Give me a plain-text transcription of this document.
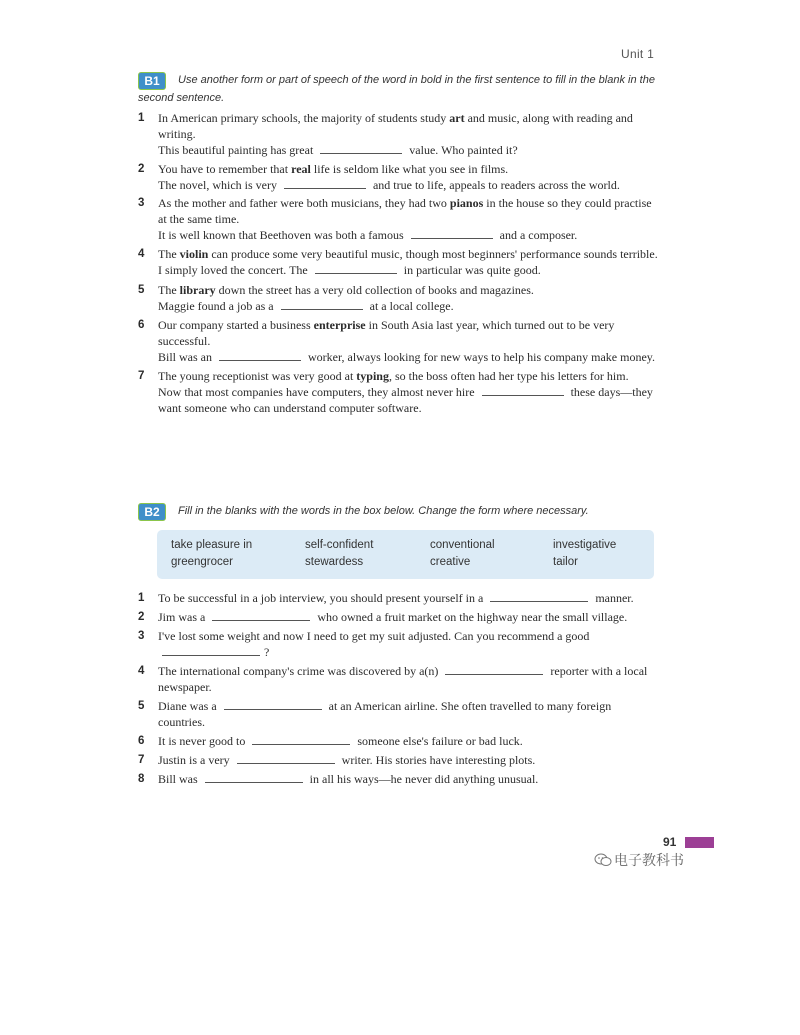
Unit 1
B1 Use another form or part of speech of the word in bold in the first sentence to fill in the blank in the second sentence.
1 In American primary schools, the majority of students study art and music, along with reading and writing.
This beautiful painting has great	value. Who painted it?
2 You have to remember that real life is seldom like what you see in films.
The novel, which is very	and true to life, appeals to readers across the world.
3 As the mother and father were both musicians, they had two pianos in the house so they could practise at the same time.
It is well known that Beethoven was both a famous	and a composer.
4 The violin can produce some very beautiful music, though most beginners' performance sounds terrible.
I simply loved the concert. The	in particular was quite good.
5 The library down the street has a very old collection of books and magazines.
Maggie found a job as a	at a local college.
6 Our company started a business enterprise in South Asia last year, which turned out to be very successful.
Bill was an	worker, always looking for new ways to help his company make money.
7 The young receptionist was very good at typing, so the boss often had her type his letters for him.
Now that most companies have computers, they almost never hire	these days—they want someone who can understand computer software.
B2 Fill in the blanks with the words in the box below. Change the form where necessary.
take pleasure in	self-confident	conventional	investigative
greengrocer	stewardess	creative	tailor
1 To be successful in a job interview, you should present yourself in a	manner.
2 Jim was a	who owned a fruit market on the highway near the small village.
3 I've lost some weight and now I need to get my suit adjusted. Can you recommend a good ?
4 The international company's crime was discovered by a(n)	reporter with a local newspaper.
5 Diane was a	at an American airline. She often travelled to many foreign countries.
6 It is never good to	someone else's failure or bad luck.
7 Justin is a very	writer. His stories have interesting plots.
8 Bill was	in all his ways—he never did anything unusual.
91
电子教科书
